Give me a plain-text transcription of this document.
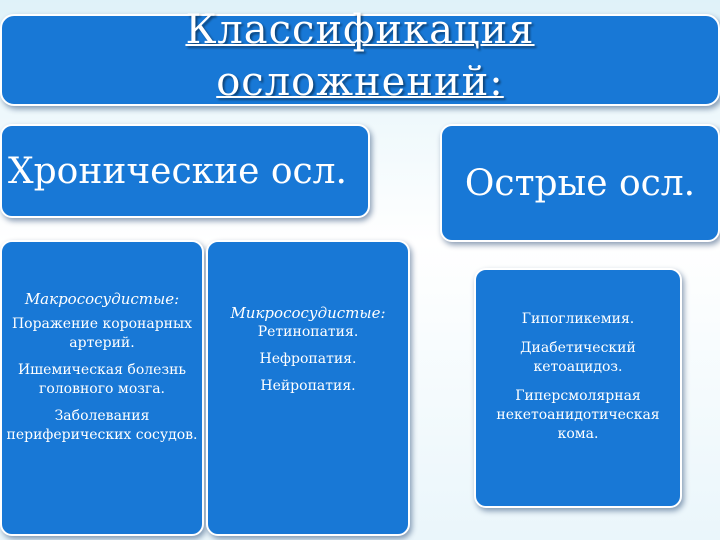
Классификация
осложнений:
Хронические осл.	Острые осл.
Макрососудистые:
Поражение коронарных артерий.
Ишемическая болезнь головного мозга.
Заболевания периферических сосудов.
Микрососудистые:
Ретинопатия.
Нефропатия.
Нейропатия.
Гипогликемия.
Диабетический кетоацидоз.
Гиперсмолярная некетоанидотическая кома.
